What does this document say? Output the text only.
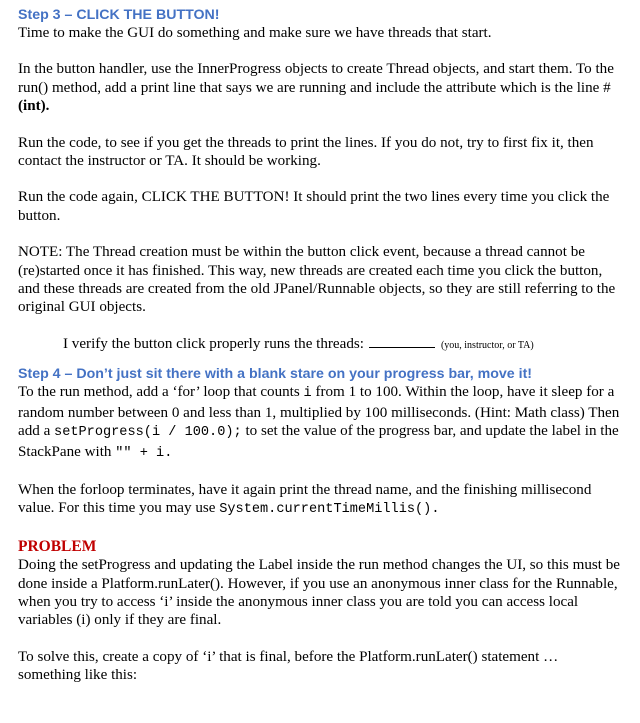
Step 3 – CLICK THE BUTTON!

Time to make the GUI do something and make sure we have threads that start.

In the button handler, use the InnerProgress objects to create Thread objects, and start them. To the run() method, add a print line that says we are running and include the attribute which is the line # (int).

Run the code, to see if you get the threads to print the lines. If you do not, try to first fix it, then contact the instructor or TA. It should be working.

Run the code again, CLICK THE BUTTON! It should print the two lines every time you click the button.

NOTE: The Thread creation must be within the button click event, because a thread cannot be (re)started once it has finished. This way, new threads are created each time you click the button, and these threads are created from the old JPanel/Runnable objects, so they are still referring to the original GUI objects.

I verify the button click properly runs the threads:	(you, instructor, or TA)

Step 4 – Don’t just sit there with a blank stare on your progress bar, move it!

To the run method, add a ‘for’ loop that counts i from 1 to 100. Within the loop, have it sleep for a random number between 0 and less than 1, multiplied by 100 milliseconds. (Hint: Math class) Then add a setProgress(i / 100.0); to set the value of the progress bar, and update the label in the StackPane with "" + i.

When the forloop terminates, have it again print the thread name, and the finishing millisecond value. For this time you may use System.currentTimeMillis().

PROBLEM

Doing the setProgress and updating the Label inside the run method changes the UI, so this must be done inside a Platform.runLater(). However, if you use an anonymous inner class for the Runnable, when you try to access ‘i’ inside the anonymous inner class you are told you can access local variables (i) only if they are final.

To solve this, create a copy of ‘i’ that is final, before the Platform.runLater() statement … something like this:
